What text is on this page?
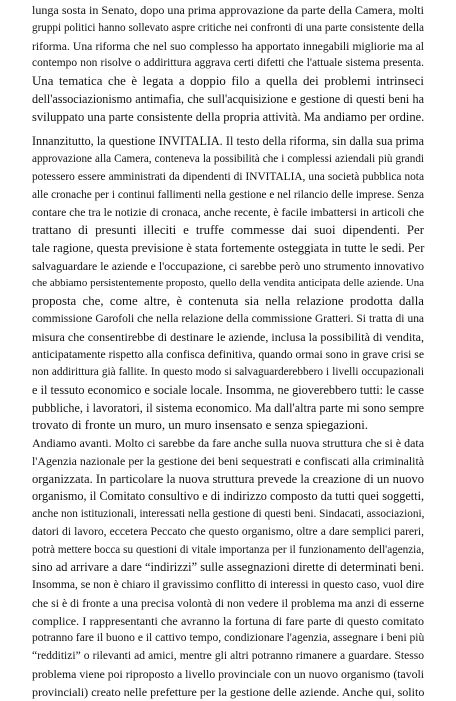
lunga sosta in Senato, dopo una prima approvazione da parte della Camera, molti
gruppi politici hanno sollevato aspre critiche nei confronti di una parte consistente della
riforma. Una riforma che nel suo complesso ha apportato innegabili migliorie ma al
contempo non risolve o addirittura aggrava certi difetti che l'attuale sistema presenta.
Una tematica che è legata a doppio filo a quella dei problemi intrinseci
dell'associazionismo antimafia, che sull'acquisizione e gestione di questi beni ha
sviluppato una parte consistente della propria attività. Ma andiamo per ordine.
Innanzitutto, la questione INVITALIA. Il testo della riforma, sin dalla sua prima
approvazione alla Camera, conteneva la possibilità che i complessi aziendali più grandi
potessero essere amministrati da dipendenti di INVITALIA, una società pubblica nota
alle cronache per i continui fallimenti nella gestione e nel rilancio delle imprese. Senza
contare che tra le notizie di cronaca, anche recente, è facile imbattersi in articoli che
trattano di presunti illeciti e truffe commesse dai suoi dipendenti. Per
tale ragione, questa previsione è stata fortemente osteggiata in tutte le sedi. Per
salvaguardare le aziende e l'occupazione, ci sarebbe però uno strumento innovativo
che abbiamo persistentemente proposto, quello della vendita anticipata delle aziende. Una
proposta che, come altre, è contenuta sia nella relazione prodotta dalla
commissione Garofoli che nella relazione della commissione Gratteri. Si tratta di una
misura che consentirebbe di destinare le aziende, inclusa la possibilità di vendita,
anticipatamente rispetto alla confisca definitiva, quando ormai sono in grave crisi se
non addirittura già fallite. In questo modo si salvaguarderebbero i livelli occupazionali
e il tessuto economico e sociale locale. Insomma, ne gioverebbero tutti: le casse
pubbliche, i lavoratori, il sistema economico. Ma dall'altra parte mi sono sempre
trovato di fronte un muro, un muro insensato e senza spiegazioni.
Andiamo avanti. Molto ci sarebbe da fare anche sulla nuova struttura che si è data
l'Agenzia nazionale per la gestione dei beni sequestrati e confiscati alla criminalità
organizzata. In particolare la nuova struttura prevede la creazione di un nuovo
organismo, il Comitato consultivo e di indirizzo composto da tutti quei soggetti,
anche non istituzionali, interessati nella gestione di questi beni. Sindacati, associazioni,
datori di lavoro, eccetera Peccato che questo organismo, oltre a dare semplici pareri,
potrà mettere bocca su questioni di vitale importanza per il funzionamento dell'agenzia,
sino ad arrivare a dare “indirizzi” sulle assegnazioni dirette di determinati beni.
Insomma, se non è chiaro il gravissimo conflitto di interessi in questo caso, vuol dire
che si è di fronte a una precisa volontà di non vedere il problema ma anzi di esserne
complice. I rappresentanti che avranno la fortuna di fare parte di questo comitato
potranno fare il buono e il cattivo tempo, condizionare l'agenzia, assegnare i beni più
“redditizi” o rilevanti ad amici, mentre gli altri potranno rimanere a guardare. Stesso
problema viene poi riproposto a livello provinciale con un nuovo organismo (tavoli
provinciali) creato nelle prefetture per la gestione delle aziende. Anche qui, solito
